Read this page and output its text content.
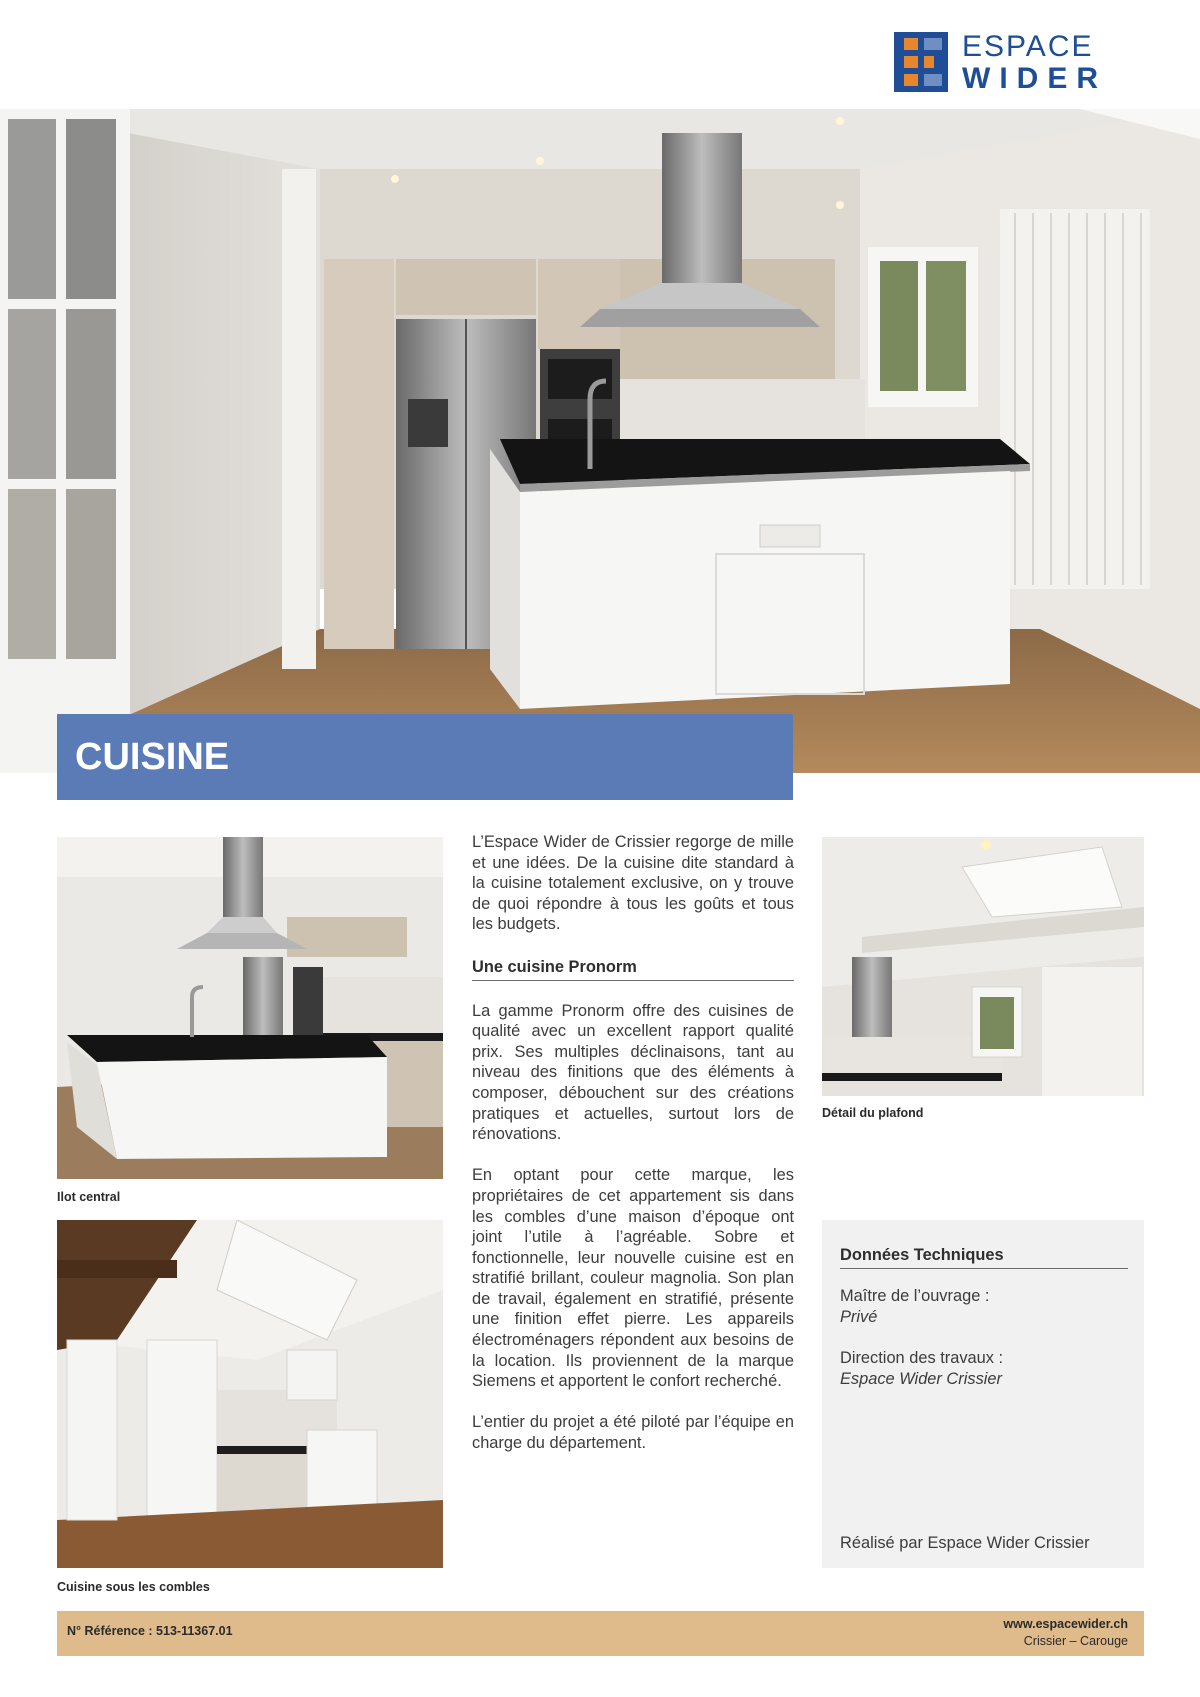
ESPACE
WIDER
CUISINE
Ilot central
Cuisine sous les combles
Détail du plafond

L’Espace Wider de Crissier regorge de mille et une idées. De la cuisine dite standard à la cuisine totalement exclusive, on y trouve de quoi répondre à tous les goûts et tous les budgets.

Une cuisine Pronorm

La gamme Pronorm offre des cuisines de qualité avec un excellent rapport qualité prix. Ses multiples déclinaisons, tant au niveau des finitions que des éléments à composer, débouchent sur des créations pratiques et actuelles, surtout lors de rénovations.

En optant pour cette marque, les propriétaires de cet appartement sis dans les combles d’une maison d’époque ont joint l’utile à l’agréable. Sobre et fonctionnelle, leur nouvelle cuisine est en stratifié brillant, couleur magnolia. Son plan de travail, également en stratifié, présente une finition effet pierre. Les appareils électroménagers répondent aux besoins de la location. Ils proviennent de la marque Siemens et apportent le confort recherché.

L’entier du projet a été piloté par l’équipe en charge du département.

Données Techniques
Maître de l’ouvrage :
Privé
Direction des travaux :
Espace Wider Crissier
Réalisé par Espace Wider Crissier
N° Référence : 513-11367.01	www.espacewider.ch
Crissier – Carouge
